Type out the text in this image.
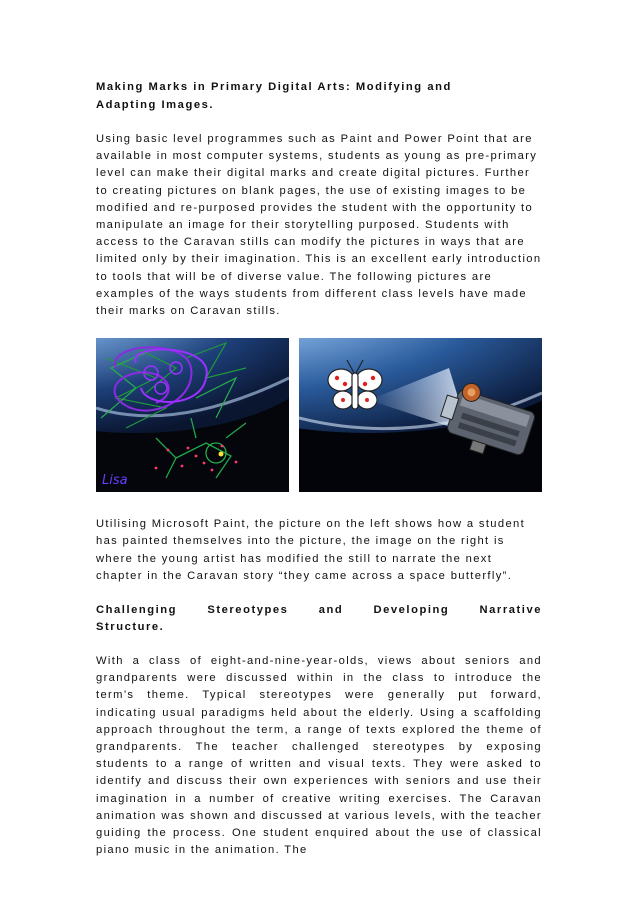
Making Marks in Primary Digital Arts: Modifying and
Adapting Images.

Using basic level programmes such as Paint and Power Point that are available in most computer systems, students as young as pre-primary level can make their digital marks and create digital pictures. Further to creating pictures on blank pages, the use of existing images to be modified and re-purposed provides the student with the opportunity to manipulate an image for their storytelling purposed. Students with access to the Caravan stills can modify the pictures in ways that are limited only by their imagination. This is an excellent early introduction to tools that will be of diverse value. The following pictures are examples of the ways students from different class levels have made their marks on Caravan stills.

Lisa

Utilising Microsoft Paint, the picture on the left shows how a student has painted themselves into the picture, the image on the right is where the young artist has modified the still to narrate the next chapter in the Caravan story “they came across a space butterfly”.

Challenging	Stereotypes	and	Developing	Narrative
Structure.

With a class of eight-and-nine-year-olds, views about seniors and grandparents were discussed within in the class to introduce the term’s theme. Typical stereotypes were generally put forward, indicating usual paradigms held about the elderly. Using a scaffolding approach throughout the term, a range of texts explored the theme of grandparents. The teacher challenged stereotypes by exposing students to a range of written and visual texts. They were asked to identify and discuss their own experiences with seniors and use their imagination in a number of creative writing exercises. The Caravan animation was shown and discussed at various levels, with the teacher guiding the process. One student enquired about the use of classical piano music in the animation. The
